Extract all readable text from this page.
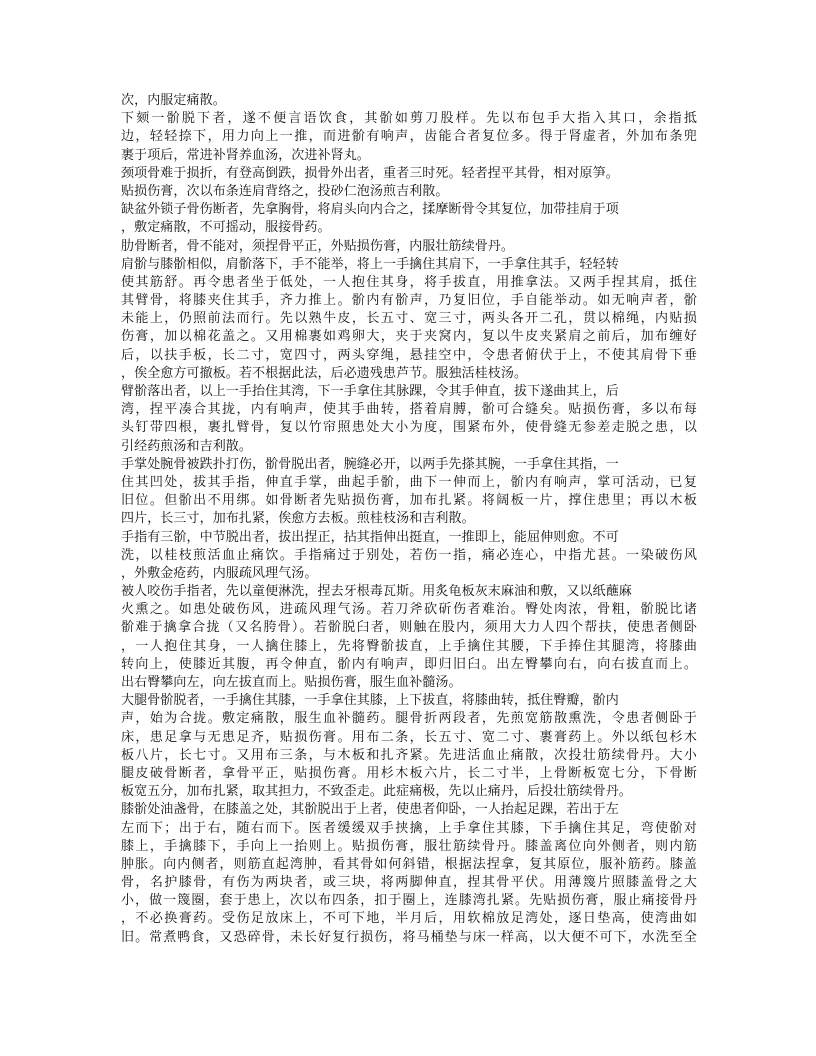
次，内服定痛散。
下颏一骱脱下者，遂不便言语饮食，其骱如剪刀股样。先以布包手大指入其口，余指抵
边，轻轻捺下，用力向上一推，而进骱有响声，齿能合者复位多。得于肾虚者，外加布条兜
裹于项后，常进补肾养血汤，次进补肾丸。
颈项骨难于损折，有登高倒跌，损骨外出者，重者三时死。轻者捏平其骨，相对原笋。
贴损伤膏，次以布条连肩背络之，投砂仁泡汤煎吉利散。
缺盆外锁子骨伤断者，先拿胸骨，将肩头向内合之，揉摩断骨令其复位，加带挂肩于项
，敷定痛散，不可摇动，服接骨药。
肋骨断者，骨不能对，须捏骨平正，外贴损伤膏，内服壮筋续骨丹。
肩骱与膝骱相似，肩骱落下，手不能举，将上一手擒住其肩下，一手拿住其手，轻轻转
使其筋舒。再令患者坐于低处，一人抱住其身，将手拔直，用推拿法。又两手捏其肩，抵住
其臂骨，将膝夹住其手，齐力推上。骱内有骱声，乃复旧位，手自能举动。如无响声者，骱
未能上，仍照前法而行。先以熟牛皮，长五寸、宽三寸，两头各开二孔，贯以棉绳，内贴损
伤膏，加以棉花盖之。又用棉裹如鸡卵大，夹于夹窝内，复以牛皮夹紧肩之前后，加布缠好
后，以扶手板，长二寸，宽四寸，两头穿绳，悬挂空中，令患者俯伏于上，不使其肩骨下垂
，俟全愈方可撤板。若不根据此法，后必遗残患芦节。服独活桂枝汤。
臂骱落出者，以上一手抬住其湾，下一手拿住其脉踝，令其手伸直，拔下遂曲其上，后
湾，捏平凑合其拢，内有响声，使其手曲转，搭着肩膊，骱可合缝矣。贴损伤膏，多以布每
头钉带四根，裹扎臂骨，复以竹帘照患处大小为度，围紧布外，使骨缝无参差走脱之患，以
引经药煎汤和吉利散。
手掌处腕骨被跌扑打伤，骱骨脱出者，腕缝必开，以两手先搽其腕，一手拿住其指，一
住其凹处，拔其手指，伸直手掌，曲起手骱，曲下一伸而上，骱内有响声，掌可活动，已复
旧位。但骱出不用绑。如骨断者先贴损伤膏，加布扎紧。将阔板一片，撑住患里；再以木板
四片，长三寸，加布扎紧，俟愈方去板。煎桂枝汤和吉利散。
手指有三骱，中节脱出者，拔出捏正，拈其指伸出挺直，一推即上，能屈伸则愈。不可
洗，以桂枝煎活血止痛饮。手指痛过于别处，若伤一指，痛必连心，中指尤甚。一染破伤风
，外敷金疮药，内服疏风理气汤。
被人咬伤手指者，先以童便淋洗，捏去牙根毒瓦斯。用炙龟板灰末麻油和敷，又以纸蘸麻
火熏之。如患处破伤风，进疏风理气汤。若刀斧砍斫伤者难治。臀处肉浓，骨粗，骱脱比诸
骱难于擒拿合拢（又名胯骨）。若骱脱臼者，则触在股内，须用大力人四个帮扶，使患者侧卧
，一人抱住其身，一人擒住膝上，先将臀骱拔直，上手擒住其腰，下手捧住其腿湾，将膝曲
转向上，使膝近其腹，再令伸直，骱内有响声，即归旧臼。出左臀攀向右，向右拔直而上。
出右臀攀向左，向左拔直而上。贴损伤膏，服生血补髓汤。
大腿骨骱脱者，一手擒住其膝，一手拿住其膝，上下拔直，将膝曲转，抵住臀瓣，骱内
声，始为合拢。敷定痛散，服生血补髓药。腿骨折两段者，先煎宽筋散熏洗，令患者侧卧于
床，患足拿与无患足齐，贴损伤膏。用布二条，长五寸、宽二寸、裹膏药上。外以纸包杉木
板八片，长七寸。又用布三条，与木板和扎齐紧。先进活血止痛散，次投壮筋续骨丹。大小
腿皮破骨断者，拿骨平正，贴损伤膏。用杉木板六片，长二寸半，上骨断板宽七分，下骨断
板宽五分，加布扎紧，取其担力，不致歪走。此症痛极，先以止痛丹，后投壮筋续骨丹。
膝骱处油盏骨，在膝盖之处，其骱脱出于上者，使患者仰卧，一人抬起足踝，若出于左
左而下；出于右，随右而下。医者缓缓双手挟擒，上手拿住其膝，下手擒住其足，弯使骱对
膝上，手擒膝下，手向上一抬则上。贴损伤膏，服壮筋续骨丹。膝盖离位向外侧者，则内筋
肿胀。向内侧者，则筋直起湾肿，看其骨如何斜错，根据法捏拿，复其原位，服补筋药。膝盖
骨，名护膝骨，有伤为两块者，或三块，将两脚伸直，捏其骨平伏。用薄篾片照膝盖骨之大
小，做一篾圈，套于患上，次以布四条，扣于圈上，连膝湾扎紧。先贴损伤膏，服止痛接骨丹
，不必换膏药。受伤足放床上，不可下地，半月后，用软棉放足湾处，逐日垫高，使湾曲如
旧。常煮鸭食，又恐碎骨，未长好复行损伤，将马桶垫与床一样高，以大便不可下，水洗至全
